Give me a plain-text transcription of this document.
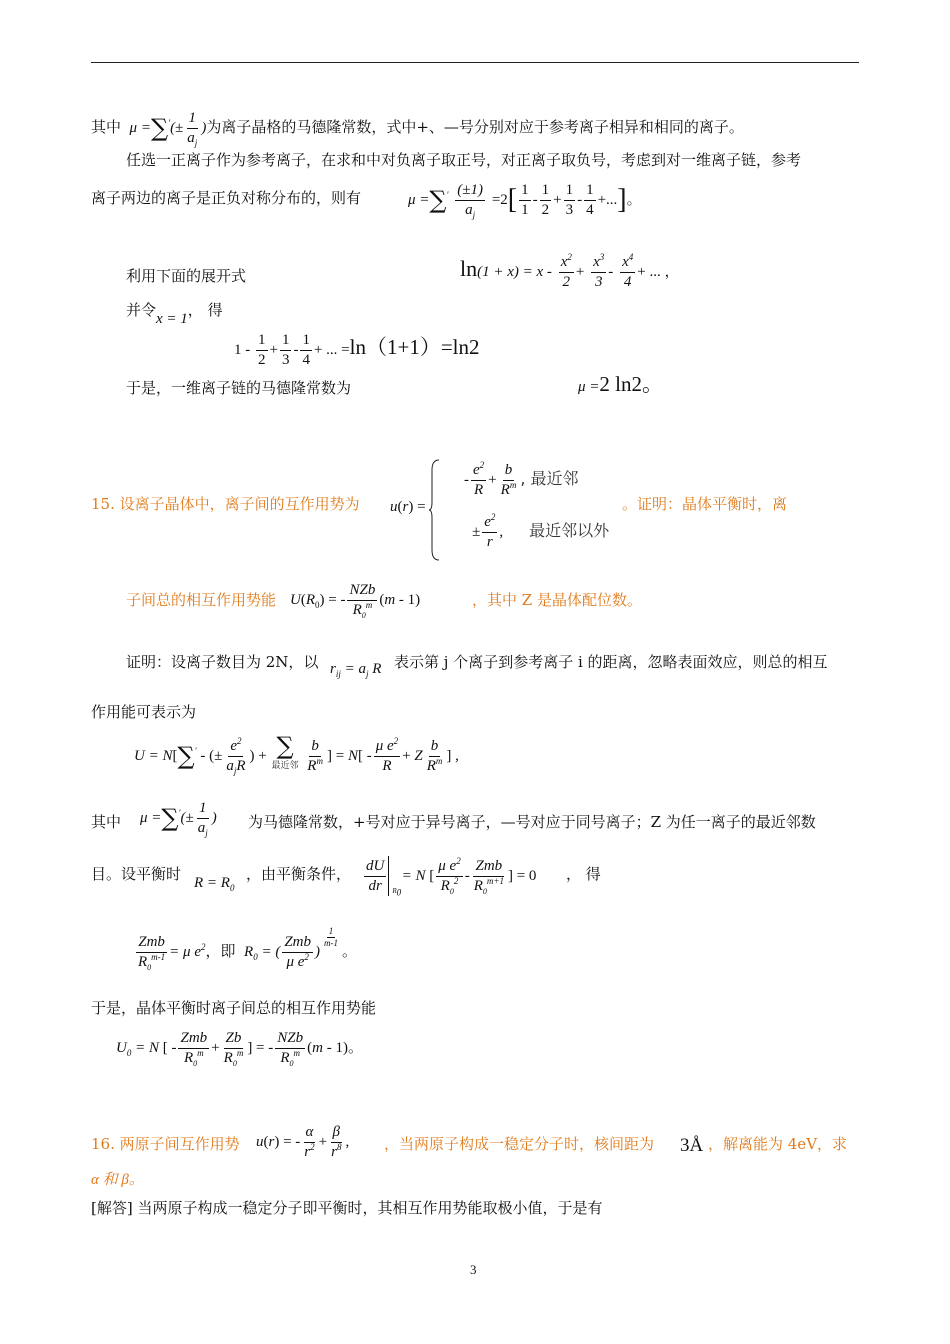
其中  $\mu =\sum'(\pm \frac{1}{a_j}$ )为离子晶格的马德隆常数，式中+、—号分别对应于参考离子相异和相同的离子。
任选一正离子作为参考离子，在求和中对负离子取正号，对正离子取负号，考虑到对一维离子链，参考
离子两边的离子是正负对称分布的，则有	$\mu =\sum' \frac{(\pm 1)}{a_j} =2[ \frac{1}{1} - \frac{1}{2} + \frac{1}{3} - \frac{1}{4}$ +...]。
利用下面的展开式	$\ln(1 + x) = x - \frac{x^2}{2} + \frac{x^3}{3} - \frac{x^4}{4}$ + ... ，
并令x = 1， 得
$1 - \frac{1}{2} + \frac{1}{3} - \frac{1}{4}$ + ... =ln（1+1）=ln2
于是，一维离子链的马德隆常数为	μ =2 ln2。
15. 设离子晶体中，离子间的互作用势为 u(r) =
- $\frac{e^2}{R} + \frac{b}{R^m}$ , 最近邻
± $\frac{e^2}{r}$ , 最近邻以外
。证明：晶体平衡时，离
子间总的相互作用势能 $U(R_0)$ = - $\frac{\text{NZb}}{R_0^m} (m - 1)$	，其中 Z 是晶体配位数。
证明：设离子数目为 2N，以 $r_{ij} = a_j$ R 表示第 j 个离子到参考离子 i 的距离，忽略表面效应，则总的相互
作用能可表示为
U = N[∑′ - (± $\frac{e^2}{a_jR}$ ) + ∑
最近邻
$\frac{b}{R^m}$ ] = $N[ - \frac{\mu e^2}{R} + Z \frac{b}{R^m}$ ] ,
其中 $\mu =\sum'(\pm \frac{1}{a_j}$ ) 为马德隆常数，+号对应于异号离子，—号对应于同号离子；Z 为任一离子的最近邻数
目。设平衡时 $R = R_0$
，由平衡条件， $\frac{dU}{dr} R_0$
= N [ $\frac{\mu e^2}{R_0^2} - \frac{\text{Zmb}}{R_0^{m+1}}$ ] = 0 ， 得
$\frac{\text{Zmb}}{R_0^{m-1}} = \mu$ $e^2$，即  $R_0$ = ( $\frac{\text{Zmb}}{\mu e^2}$ )
$^{\frac{1}{m-1}}$
。
于是，晶体平衡时离子间总的相互作用势能
$U_0 = N$ [ - $\frac{\text{Zmb}}{R_0^m} + \frac{Zb}{R_0^m}$ ] = - $\frac{\text{NZb}}{R_0^m} (m - 1)$。
16. 两原子间互作用势 u(r) = - $\frac{\alpha}{r^2} + \frac{\beta}{r^8}$ , ，当两原子构成一稳定分子时，核间距为 3Å ，解离能为 4eV，求
α 和 β。
[解答] 当两原子构成一稳定分子即平衡时，其相互作用势能取极小值，于是有
3
